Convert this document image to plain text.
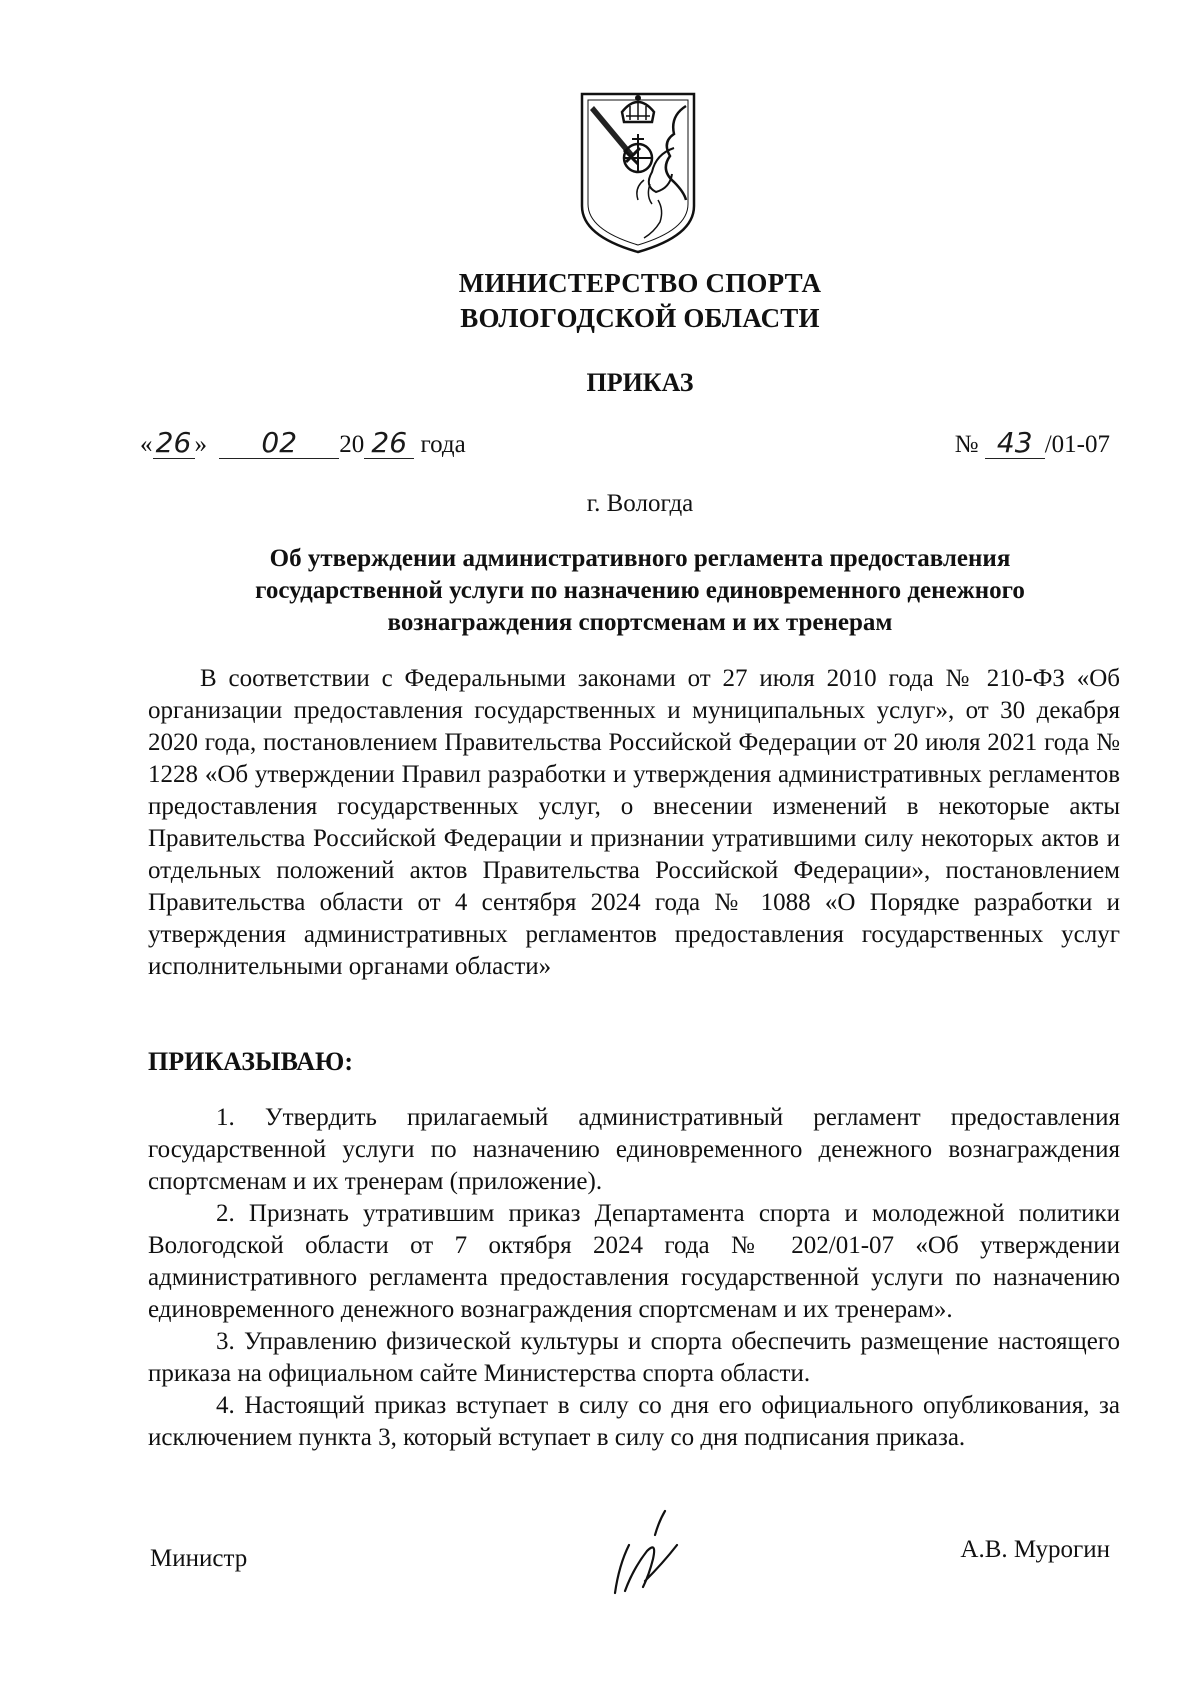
МИНИСТЕРСТВО СПОРТА
ВОЛОГОДСКОЙ ОБЛАСТИ
ПРИКАЗ
« 26 » 02 20 26 года	№ 43 /01-07
г. Вологда
Об утверждении административного регламента предоставления
государственной услуги по назначению единовременного денежного
вознаграждения спортсменам и их тренерам

В соответствии с Федеральными законами от 27 июля 2010 года № 210-ФЗ «Об организации предоставления государственных и муниципальных услуг», от 30 декабря 2020 года, постановлением Правительства Российской Федерации от 20 июля 2021 года № 1228 «Об утверждении Правил разработки и утверждения административных регламентов предоставления государственных услуг, о внесении изменений в некоторые акты Правительства Российской Федерации и признании утратившими силу некоторых актов и отдельных положений актов Правительства Российской Федерации», постановлением Правительства области от 4 сентября 2024 года № 1088 «О Порядке разработки и утверждения административных регламентов предоставления государственных услуг исполнительными органами области»

ПРИКАЗЫВАЮ:

1. Утвердить прилагаемый административный регламент предоставления государственной услуги по назначению единовременного денежного вознаграждения спортсменам и их тренерам (приложение).

2. Признать утратившим приказ Департамента спорта и молодежной политики Вологодской области от 7 октября 2024 года № 202/01-07 «Об утверждении административного регламента предоставления государственной услуги по назначению единовременного денежного вознаграждения спортсменам и их тренерам».

3. Управлению физической культуры и спорта обеспечить размещение настоящего приказа на официальном сайте Министерства спорта области.

4. Настоящий приказ вступает в силу со дня его официального опубликования, за исключением пункта 3, который вступает в силу со дня подписания приказа.

Министр	А.В. Мурогин
